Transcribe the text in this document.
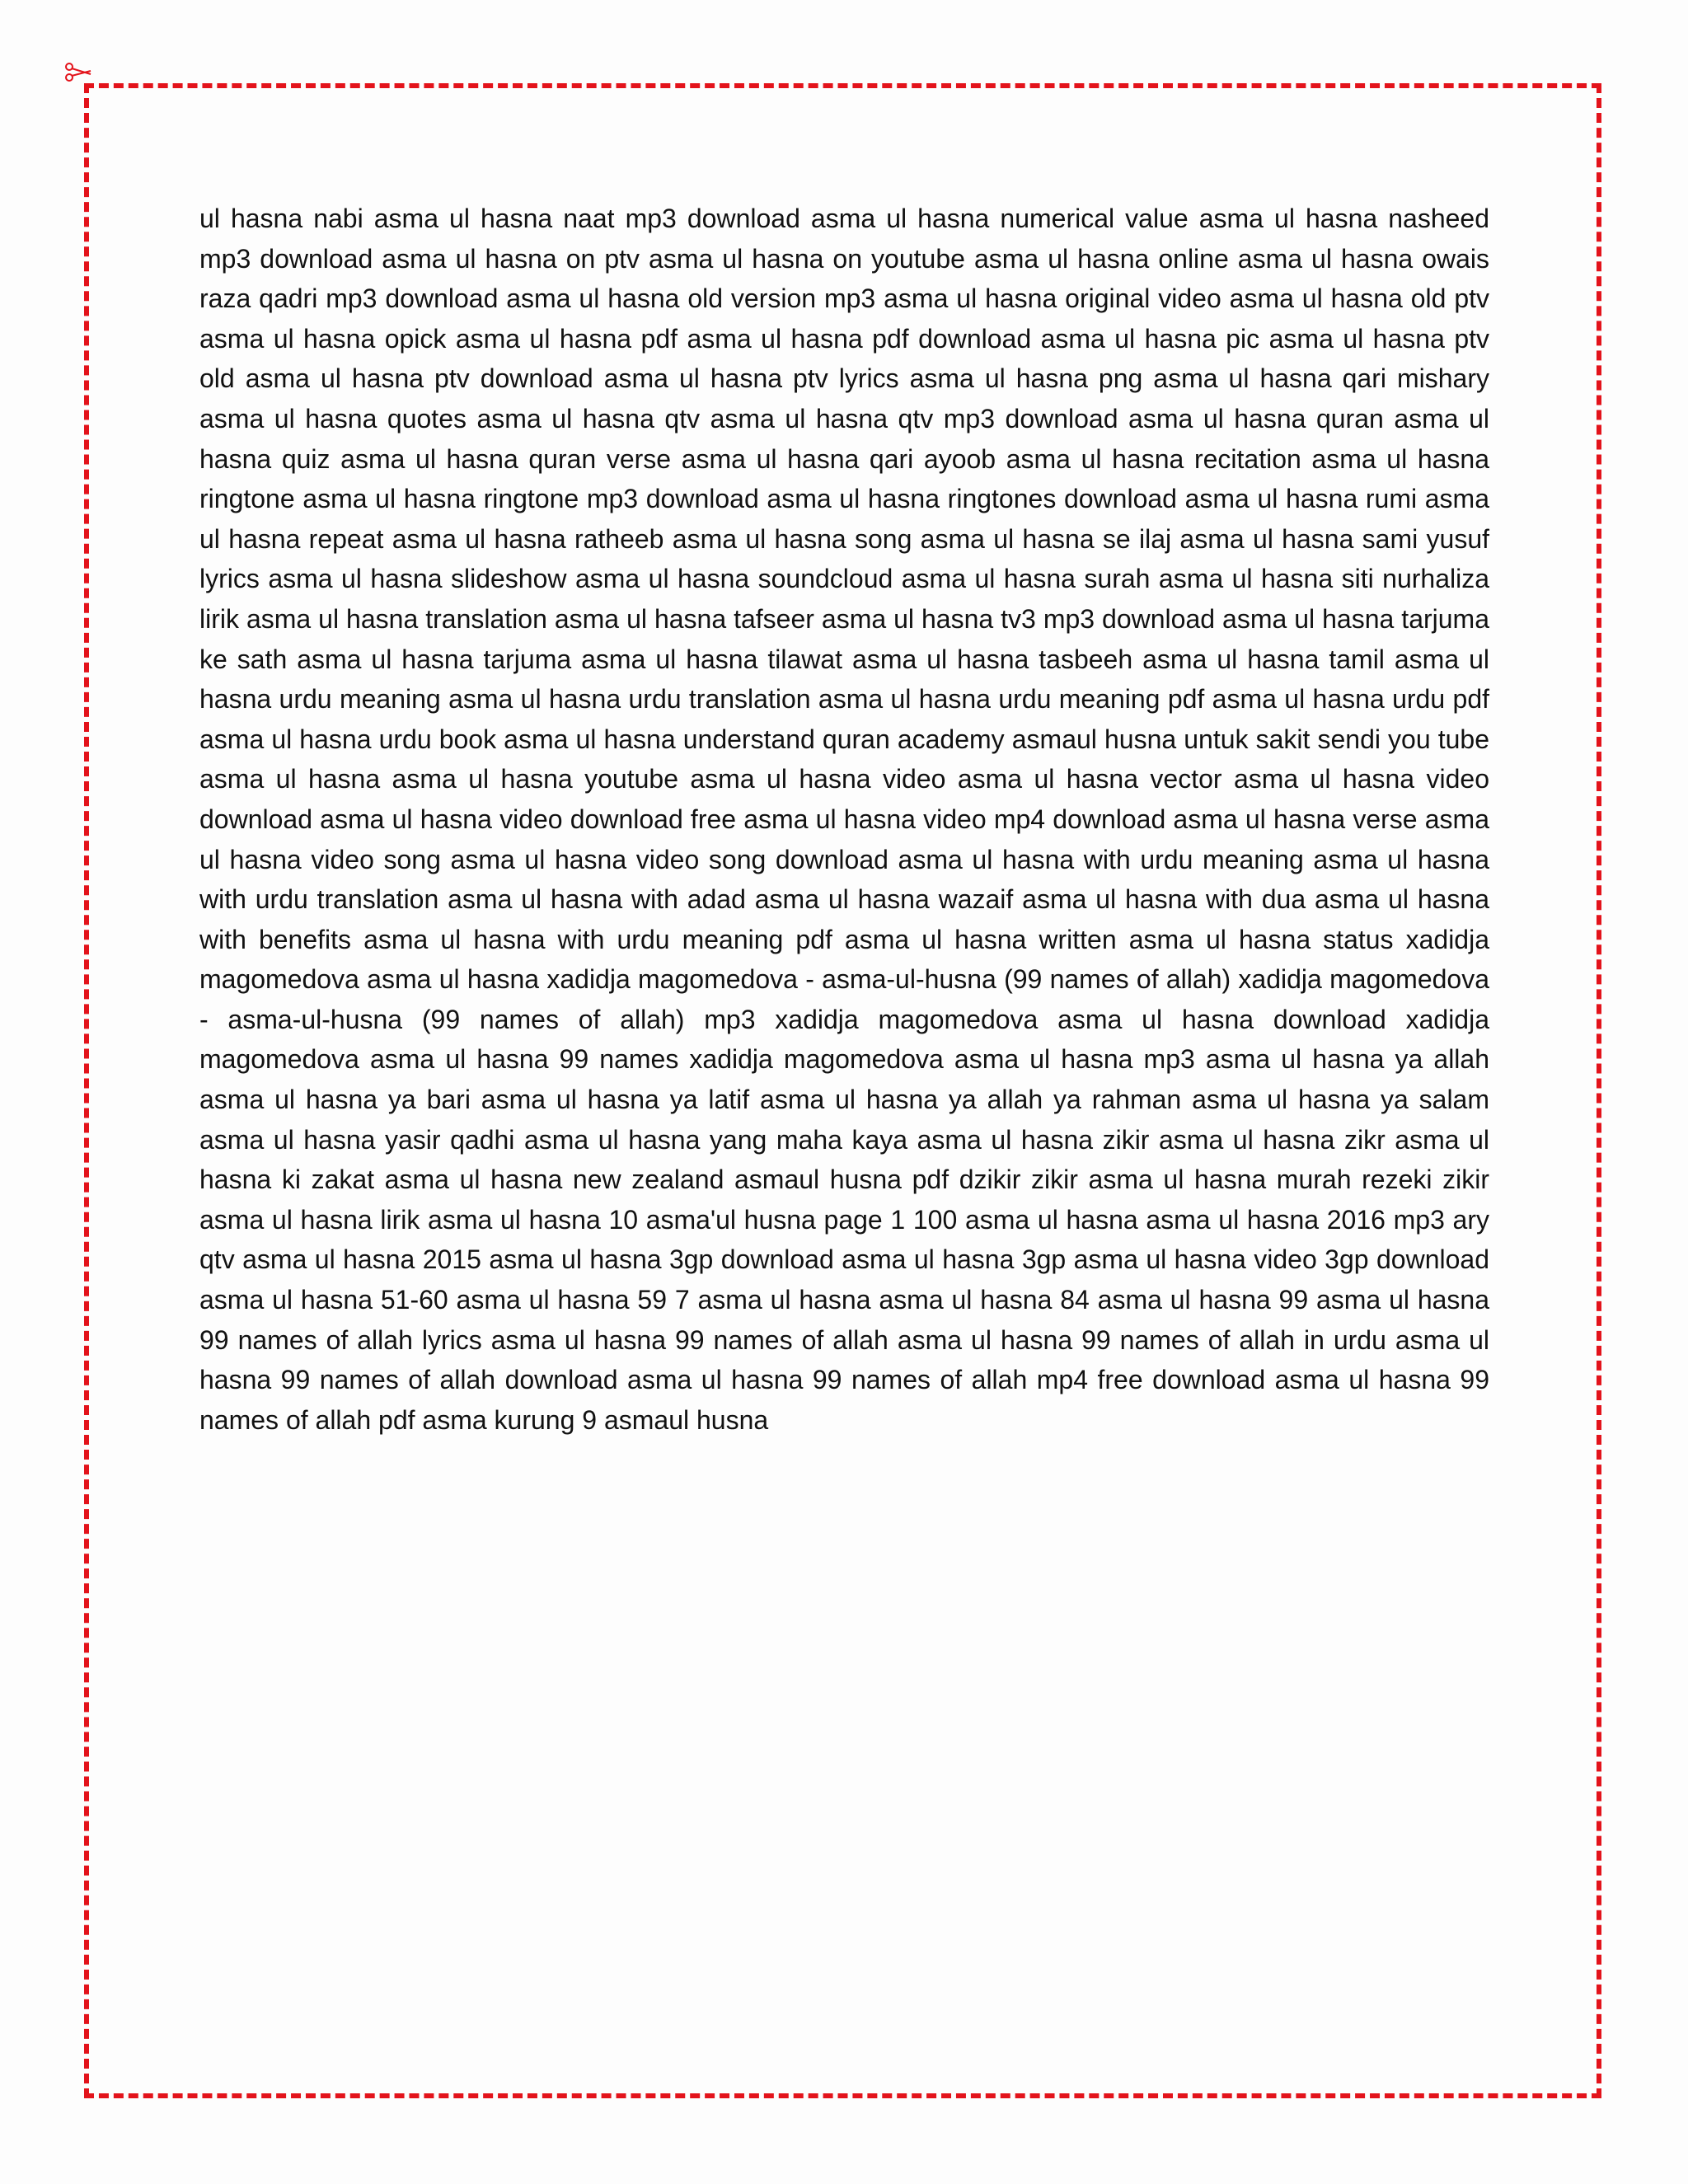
ul hasna nabi asma ul hasna naat mp3 download asma ul hasna numerical value asma ul hasna nasheed mp3 download asma ul hasna on ptv asma ul hasna on youtube asma ul hasna online asma ul hasna owais raza qadri mp3 download asma ul hasna old version mp3 asma ul hasna original video asma ul hasna old ptv asma ul hasna opick asma ul hasna pdf asma ul hasna pdf download asma ul hasna pic asma ul hasna ptv old asma ul hasna ptv download asma ul hasna ptv lyrics asma ul hasna png asma ul hasna qari mishary asma ul hasna quotes asma ul hasna qtv asma ul hasna qtv mp3 download asma ul hasna quran asma ul hasna quiz asma ul hasna quran verse asma ul hasna qari ayoob asma ul hasna recitation asma ul hasna ringtone asma ul hasna ringtone mp3 download asma ul hasna ringtones download asma ul hasna rumi asma ul hasna repeat asma ul hasna ratheeb asma ul hasna song asma ul hasna se ilaj asma ul hasna sami yusuf lyrics asma ul hasna slideshow asma ul hasna soundcloud asma ul hasna surah asma ul hasna siti nurhaliza lirik asma ul hasna translation asma ul hasna tafseer asma ul hasna tv3 mp3 download asma ul hasna tarjuma ke sath asma ul hasna tarjuma asma ul hasna tilawat asma ul hasna tasbeeh asma ul hasna tamil asma ul hasna urdu meaning asma ul hasna urdu translation asma ul hasna urdu meaning pdf asma ul hasna urdu pdf asma ul hasna urdu book asma ul hasna understand quran academy asmaul husna untuk sakit sendi you tube asma ul hasna asma ul hasna youtube asma ul hasna video asma ul hasna vector asma ul hasna video download asma ul hasna video download free asma ul hasna video mp4 download asma ul hasna verse asma ul hasna video song asma ul hasna video song download asma ul hasna with urdu meaning asma ul hasna with urdu translation asma ul hasna with adad asma ul hasna wazaif asma ul hasna with dua asma ul hasna with benefits asma ul hasna with urdu meaning pdf asma ul hasna written asma ul hasna status xadidja magomedova asma ul hasna xadidja magomedova - asma-ul-husna (99 names of allah) xadidja magomedova - asma-ul-husna (99 names of allah) mp3 xadidja magomedova asma ul hasna download xadidja magomedova asma ul hasna 99 names xadidja magomedova asma ul hasna mp3 asma ul hasna ya allah asma ul hasna ya bari asma ul hasna ya latif asma ul hasna ya allah ya rahman asma ul hasna ya salam asma ul hasna yasir qadhi asma ul hasna yang maha kaya asma ul hasna zikir asma ul hasna zikr asma ul hasna ki zakat asma ul hasna new zealand asmaul husna pdf dzikir zikir asma ul hasna murah rezeki zikir asma ul hasna lirik asma ul hasna 10 asma'ul husna page 1 100 asma ul hasna asma ul hasna 2016 mp3 ary qtv asma ul hasna 2015 asma ul hasna 3gp download asma ul hasna 3gp asma ul hasna video 3gp download asma ul hasna 51-60 asma ul hasna 59 7 asma ul hasna asma ul hasna 84 asma ul hasna 99 asma ul hasna 99 names of allah lyrics asma ul hasna 99 names of allah asma ul hasna 99 names of allah in urdu asma ul hasna 99 names of allah download asma ul hasna 99 names of allah mp4 free download asma ul hasna 99 names of allah pdf asma kurung 9 asmaul husna
